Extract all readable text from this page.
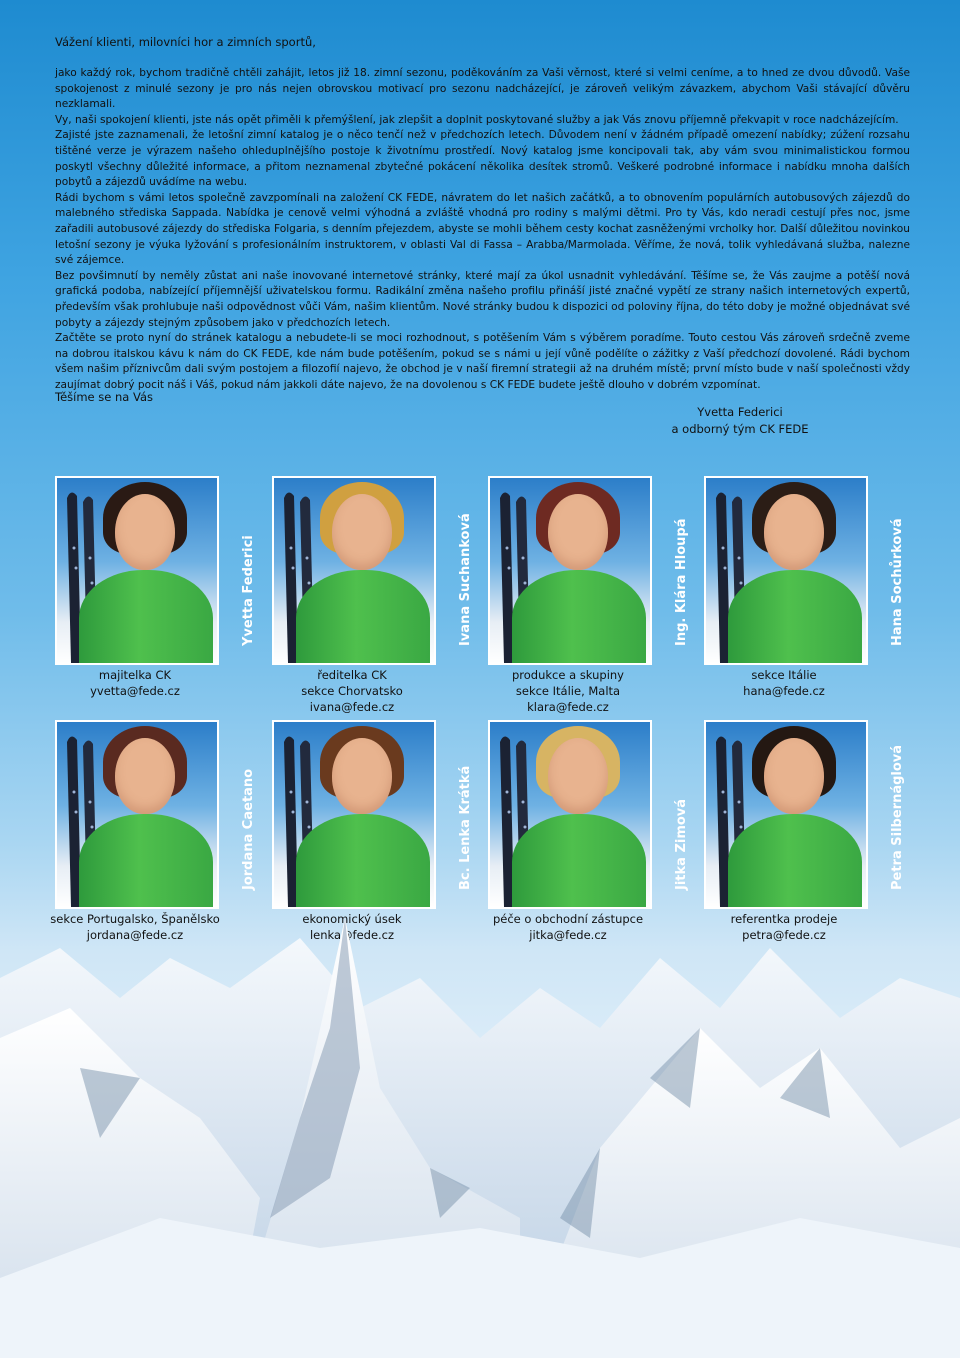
Vážení klienti, milovníci hor a zimních sportů,

jako každý rok, bychom tradičně chtěli zahájit, letos již 18. zimní sezonu, poděkováním za Vaši věrnost, které si velmi ceníme, a to hned ze dvou důvodů. Vaše spokojenost z minulé sezony je pro nás nejen obrovskou motivací pro sezonu nadcházející, je zároveň velikým závazkem, abychom Vaši stávající důvěru nezklamali.

Vy, naši spokojení klienti, jste nás opět přiměli k přemýšlení, jak zlepšit a doplnit poskytované služby a jak Vás znovu příjemně překvapit v roce nadcházejícím.

Zajisté jste zaznamenali, že letošní zimní katalog je o něco tenčí než v předchozích letech. Důvodem není v žádném případě omezení nabídky; zúžení rozsahu tištěné verze je výrazem našeho ohleduplnějšího postoje k životnímu prostředí. Nový katalog jsme koncipovali tak, aby vám svou minimalistickou formou poskytl všechny důležité informace, a přitom neznamenal zbytečné pokácení několika desítek stromů. Veškeré podrobné informace i nabídku mnoha dalších pobytů a zájezdů uvádíme na webu.

Rádi bychom s vámi letos společně zavzpomínali na založení CK FEDE, návratem do let našich začátků, a to obnovením populárních autobusových zájezdů do malebného střediska Sappada. Nabídka je cenově velmi výhodná a zvláště vhodná pro rodiny s malými dětmi. Pro ty Vás, kdo neradi cestují přes noc, jsme zařadili autobusové zájezdy do střediska Folgaria, s denním přejezdem, abyste se mohli během cesty kochat zasněženými vrcholky hor. Další důležitou novinkou letošní sezony je výuka lyžování s profesionálním instruktorem, v oblasti Val di Fassa – Arabba/Marmolada. Věříme, že nová, tolik vyhledávaná služba, nalezne své zájemce.

Bez povšimnutí by neměly zůstat ani naše inovované internetové stránky, které mají za úkol usnadnit vyhledávání. Těšíme se, že Vás zaujme a potěší nová grafická podoba, nabízející příjemnější uživatelskou formu. Radikální změna našeho profilu přináší jisté značné vypětí ze strany našich internetových expertů, především však prohlubuje naši odpovědnost vůči Vám, našim klientům. Nové stránky budou k dispozici od poloviny října, do této doby je možné objednávat své pobyty a zájezdy stejným způsobem jako v předchozích letech.

Začtěte se proto nyní do stránek katalogu a nebudete-li se moci rozhodnout, s potěšením Vám s výběrem poradíme. Touto cestou Vás zároveň srdečně zveme na dobrou italskou kávu k nám do CK FEDE, kde nám bude potěšením, pokud se s námi u její vůně podělíte o zážitky z Vaší předchozí dovolené. Rádi bychom všem našim příznivcům dali svým postojem a filozofií najevo, že obchod je v naší firemní strategii až na druhém místě; první místo bude v naší společnosti vždy zaujímat dobrý pocit náš i Váš, pokud nám jakkoli dáte najevo, že na dovolenou s CK FEDE budete ještě dlouho v dobrém vzpomínat.

Těšíme se na Vás
Yvetta Federici
a odborný tým CK FEDE
Yvetta Federici
majitelka CK
yvetta@fede.cz
Ivana Suchanková
ředitelka CK
sekce Chorvatsko
ivana@fede.cz
Ing. Klára Hloupá
produkce a skupiny
sekce Itálie, Malta
klara@fede.cz
Hana Sochůrková
sekce Itálie
hana@fede.cz
Jordana Caetano
sekce Portugalsko, Španělsko
jordana@fede.cz
Bc. Lenka Krátká
ekonomický úsek
lenka@fede.cz
Jitka Zimová
péče o obchodní zástupce
jitka@fede.cz
Petra Silbernáglová
referentka prodeje
petra@fede.cz
